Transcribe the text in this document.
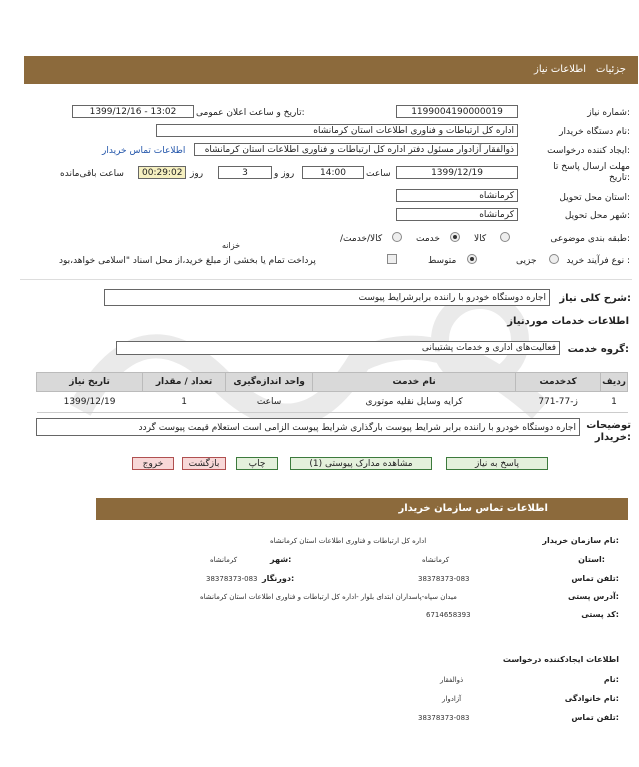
جزئیات
اطلاعات نیاز
شماره نیاز:
1199004190000019
تاریخ و ساعت اعلان عمومی:
1399/12/16 - 13:02
نام دستگاه خریدار:
اداره کل ارتباطات و فناوری اطلاعات استان کرمانشاه
ایجاد کننده درخواست:
ذوالفقار آزادوار مسئول دفتر اداره کل ارتباطات و فناوری اطلاعات استان کرمانشاه
اطلاعات تماس خریدار
مهلت ارسال پاسخ تا تاریخ:
1399/12/19
ساعت
14:00
روز و
3
روز
00:29:02
ساعت باقی‌مانده
استان محل تحویل:
کرمانشاه
شهر محل تحویل:
کرمانشاه
طبقه بندی موضوعی:
کالا
خدمت
/کالا/خدمت
نوع فرآیند خرید :
جزیی
متوسط
پرداخت تمام یا بخشی از مبلغ خرید،از محل اسناد "اسلامی خواهد،بود
خزانه
شرح کلی نیاز:
اجاره دوستگاه خودرو با راننده برابرشرایط پیوست
اطلاعات خدمات موردنیاز
گروه خدمت:
فعالیت‌های اداری و خدمات پشتیبانی
ردیف	کدخدمت	نام خدمت	واحد اندازه‌گیری	تعداد / مقدار	تاریخ نیاز
1	ز-77-771	کرایه وسایل نقلیه موتوری	ساعت	1	1399/12/19
توضیحات خریدار:
اجاره دوستگاه خودرو با راننده برابر شرایط پیوست بارگذاری شرایط پیوست الزامی است استعلام قیمت پیوست گردد
پاسخ به نیاز
مشاهده مدارک پیوستی (1)
چاپ
بازگشت
خروج
اطلاعات تماس سازمان خریدار
نام سازمان خریدار:
اداره کل ارتباطات و فناوری اطلاعات استان کرمانشاه
استان:
کرمانشاه
شهر:
کرمانشاه
تلفن تماس:
38378373-083
دورنگار:
38378373-083
آدرس پستی:
میدان سپاه-پاسداران ابتدای بلوار -اداره کل ارتباطات و فناوری اطلاعات استان کرمانشاه
کد پستی:
6714658393
اطلاعات ایجادکننده درخواست
نام:
ذوالفقار
نام خانوادگی:
آزادوار
تلفن تماس:
38378373-083
